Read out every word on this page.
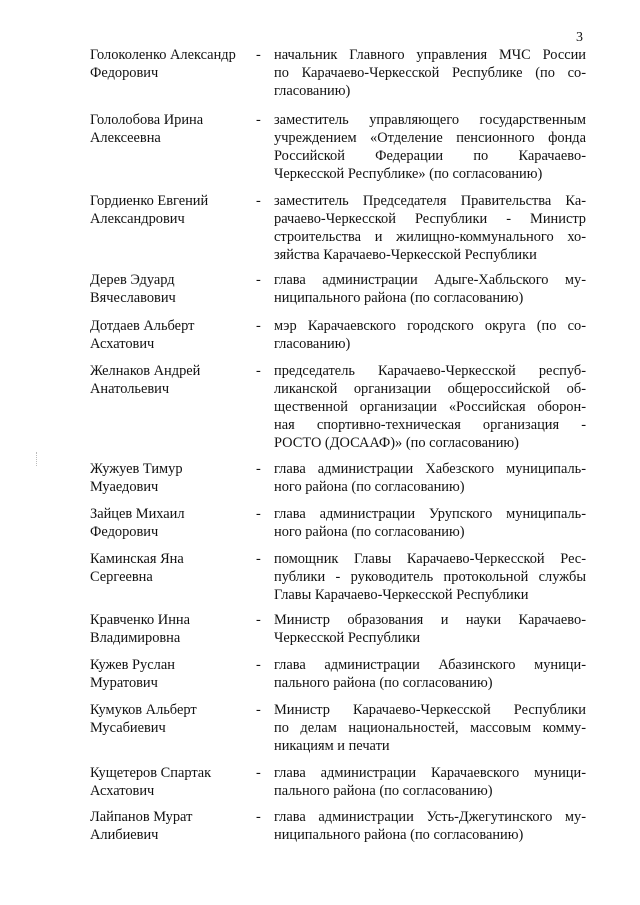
3
Голоколенко Александр
Федорович
- начальник Главного управления МЧС России
по Карачаево-Черкесской Республике (по со-
гласованию)
Гололобова Ирина
Алексеевна
- заместитель управляющего государственным
учреждением «Отделение пенсионного фонда
Российской Федерации по Карачаево-
Черкесской Республике» (по согласованию)
Гордиенко Евгений
Александрович
- заместитель Председателя Правительства Ка-
рачаево-Черкесской Республики - Министр
строительства и жилищно-коммунального хо-
зяйства Карачаево-Черкесской Республики
Дерев Эдуард
Вячеславович
- глава администрации Адыге-Хабльского му-
ниципального района (по согласованию)
Дотдаев Альберт
Асхатович
- мэр Карачаевского городского округа (по со-
гласованию)
Желнаков Андрей
Анатольевич
- председатель Карачаево-Черкесской респуб-
ликанской организации общероссийской об-
щественной организации «Российская оборон-
ная спортивно-техническая организация -
РОСТО (ДОСААФ)» (по согласованию)
Жужуев Тимур
Муаедович
- глава администрации Хабезского муниципаль-
ного района (по согласованию)
Зайцев Михаил
Федорович
- глава администрации Урупского муниципаль-
ного района (по согласованию)
Каминская Яна
Сергеевна
- помощник Главы Карачаево-Черкесской Рес-
публики - руководитель протокольной службы
Главы Карачаево-Черкесской Республики
Кравченко Инна
Владимировна
- Министр образования и науки Карачаево-
Черкесской Республики
Кужев Руслан
Муратович
- глава администрации Абазинского муници-
пального района (по согласованию)
Кумуков Альберт
Мусабиевич
- Министр Карачаево-Черкесской Республики
по делам национальностей, массовым комму-
никациям и печати
Кущетеров Спартак
Асхатович
- глава администрации Карачаевского муници-
пального района (по согласованию)
Лайпанов Мурат
Алибиевич
- глава администрации Усть-Джегутинского му-
ниципального района (по согласованию)
